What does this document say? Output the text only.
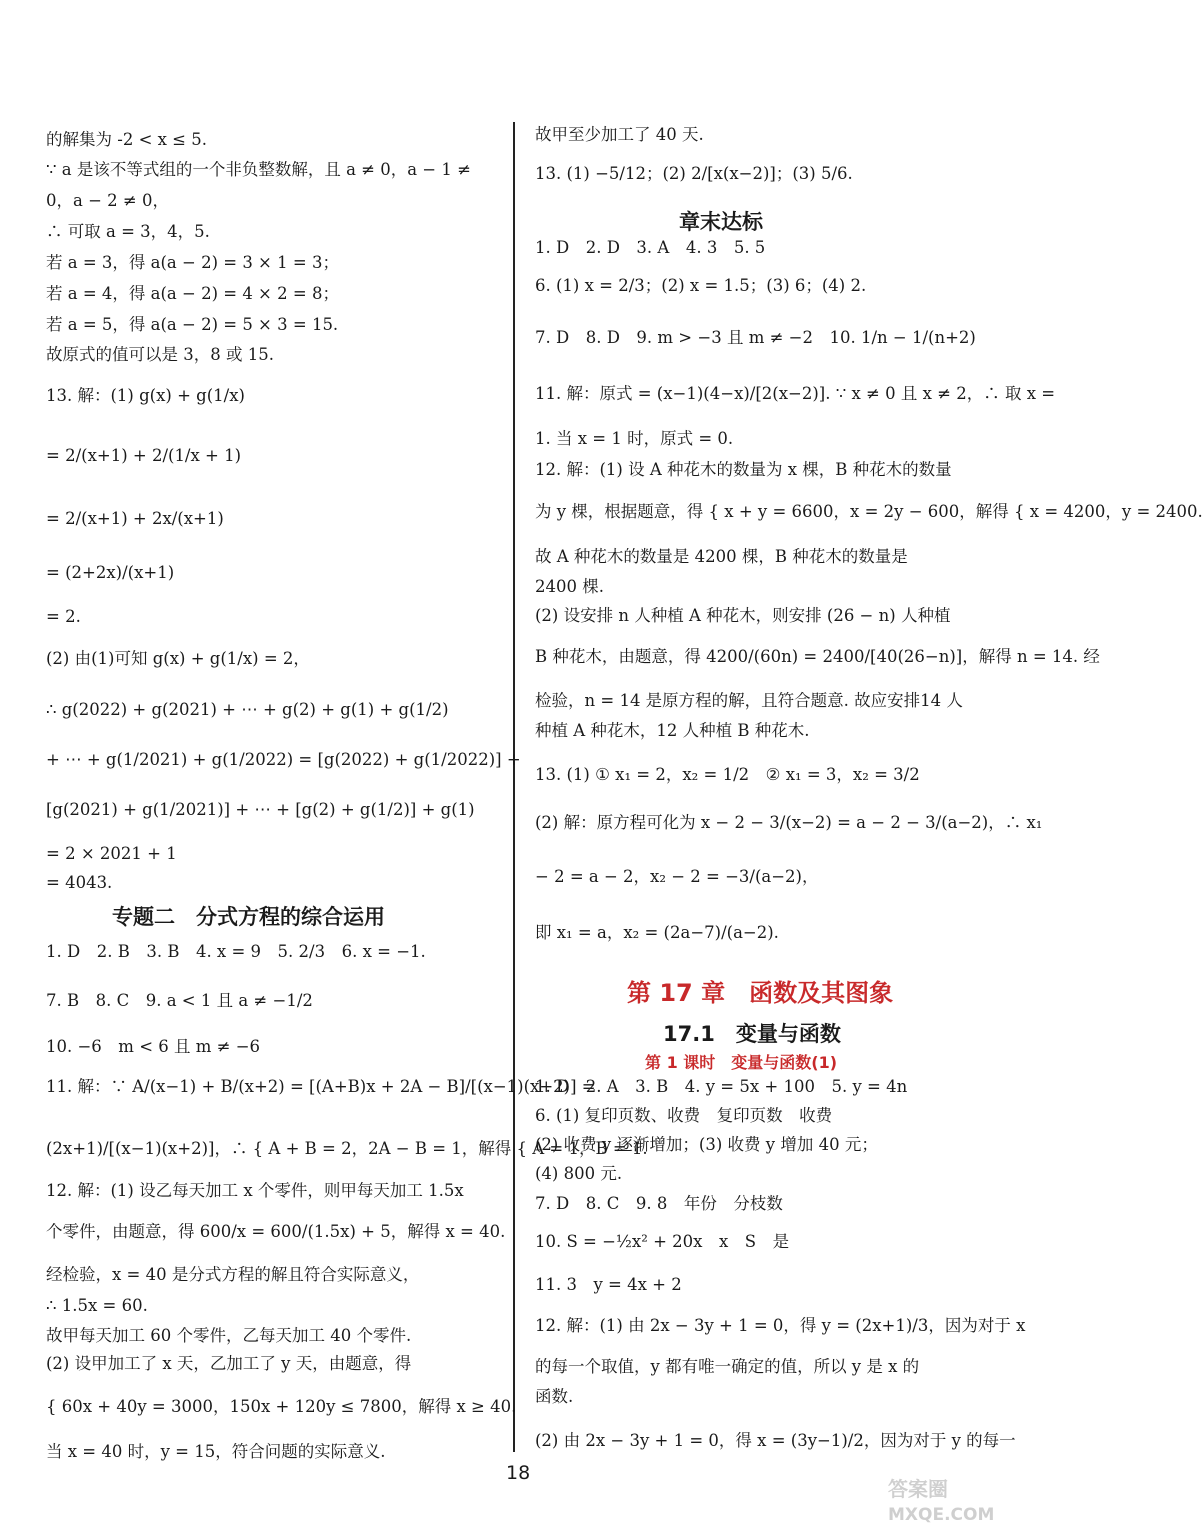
的解集为 -2 < x ≤ 5.
∵ a 是该不等式组的一个非负整数解，且 a ≠ 0，a − 1 ≠
0，a − 2 ≠ 0，
∴ 可取 a = 3，4，5.
若 a = 3，得 a(a − 2) = 3 × 1 = 3；
若 a = 4，得 a(a − 2) = 4 × 2 = 8；
若 a = 5，得 a(a − 2) = 5 × 3 = 15.
故原式的值可以是 3，8 或 15.
13. 解：(1) g(x) + g(1/x)
= 2/(x+1) + 2/(1/x + 1)
= 2/(x+1) + 2x/(x+1)
= (2+2x)/(x+1)
= 2.
(2) 由(1)可知 g(x) + g(1/x) = 2，
∴ g(2022) + g(2021) + ⋯ + g(2) + g(1) + g(1/2)
+ ⋯ + g(1/2021) + g(1/2022) = [g(2022) + g(1/2022)] +
[g(2021) + g(1/2021)] + ⋯ + [g(2) + g(1/2)] + g(1)
= 2 × 2021 + 1
= 4043.
专题二　分式方程的综合运用
1. D　2. B　3. B　4. x = 9　5. 2/3　6. x = −1.
7. B　8. C　9. a < 1 且 a ≠ −1/2
10. −6　m < 6 且 m ≠ −6
11. 解：∵ A/(x−1) + B/(x+2) = [(A+B)x + 2A − B]/[(x−1)(x+2)] =
(2x+1)/[(x−1)(x+2)]，∴ { A + B = 2，2A − B = 1，解得 { A = 1，B = 1.
12. 解：(1) 设乙每天加工 x 个零件，则甲每天加工 1.5x
个零件，由题意，得 600/x = 600/(1.5x) + 5，解得 x = 40.
经检验，x = 40 是分式方程的解且符合实际意义，
∴ 1.5x = 60.
故甲每天加工 60 个零件，乙每天加工 40 个零件.
(2) 设甲加工了 x 天，乙加工了 y 天，由题意，得
{ 60x + 40y = 3000，150x + 120y ≤ 7800，解得 x ≥ 40.
当 x = 40 时，y = 15，符合问题的实际意义.
故甲至少加工了 40 天.
13. (1) −5/12；(2) 2/[x(x−2)]；(3) 5/6.
章末达标
1. D　2. D　3. A　4. 3　5. 5
6. (1) x = 2/3；(2) x = 1.5；(3) 6；(4) 2.
7. D　8. D　9. m > −3 且 m ≠ −2　10. 1/n − 1/(n+2)
11. 解：原式 = (x−1)(4−x)/[2(x−2)]. ∵ x ≠ 0 且 x ≠ 2，∴ 取 x =
1. 当 x = 1 时，原式 = 0.
12. 解：(1) 设 A 种花木的数量为 x 棵，B 种花木的数量
为 y 棵，根据题意，得 { x + y = 6600，x = 2y − 600，解得 { x = 4200，y = 2400.
故 A 种花木的数量是 4200 棵，B 种花木的数量是
2400 棵.
(2) 设安排 n 人种植 A 种花木，则安排 (26 − n) 人种植
B 种花木，由题意，得 4200/(60n) = 2400/[40(26−n)]，解得 n = 14. 经
检验，n = 14 是原方程的解，且符合题意. 故应安排14 人
种植 A 种花木，12 人种植 B 种花木.
13. (1) ① x₁ = 2，x₂ = 1/2　② x₁ = 3，x₂ = 3/2
(2) 解：原方程可化为 x − 2 − 3/(x−2) = a − 2 − 3/(a−2)，∴ x₁
− 2 = a − 2，x₂ − 2 = −3/(a−2)，
即 x₁ = a，x₂ = (2a−7)/(a−2).
第 17 章　函数及其图象
17.1　变量与函数
第 1 课时　变量与函数(1)
1. D　2. A　3. B　4. y = 5x + 100　5. y = 4n
6. (1) 复印页数、收费　复印页数　收费
(2) 收费 y 逐渐增加；(3) 收费 y 增加 40 元；
(4) 800 元.
7. D　8. C　9. 8　年份　分枝数
10. S = −½x² + 20x　x　S　是
11. 3　y = 4x + 2
12. 解：(1) 由 2x − 3y + 1 = 0，得 y = (2x+1)/3，因为对于 x
的每一个取值，y 都有唯一确定的值，所以 y 是 x 的
函数.
(2) 由 2x − 3y + 1 = 0，得 x = (3y−1)/2，因为对于 y 的每一
18
答案圈
MXQE.COM
